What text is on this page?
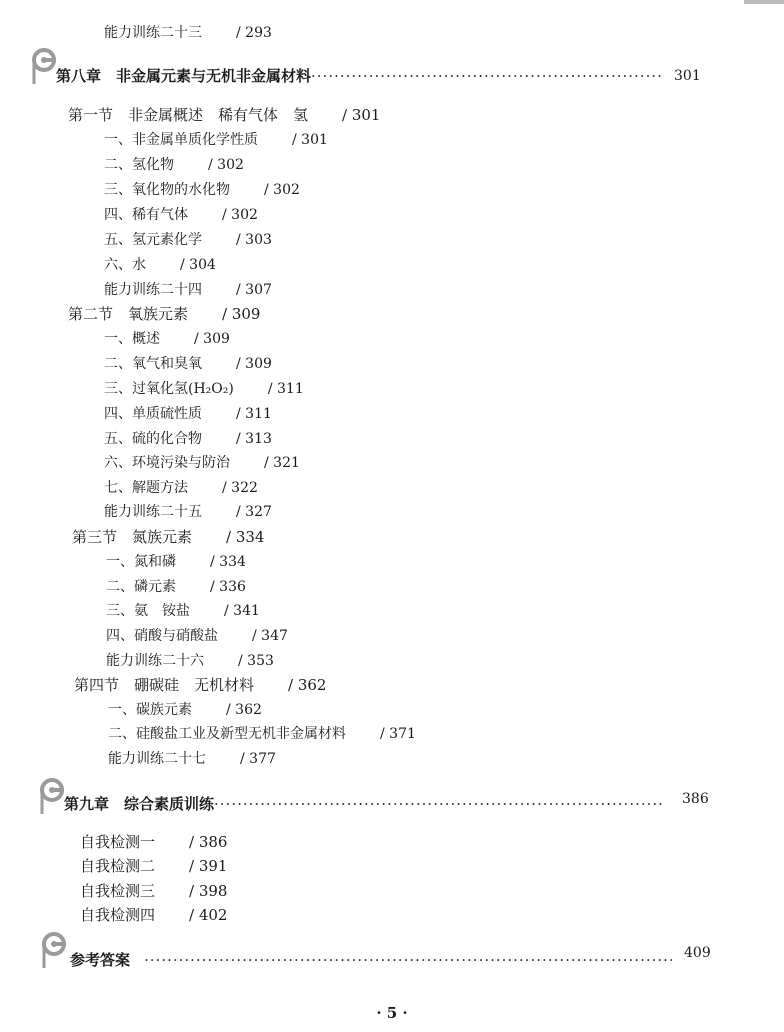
能力训练二十三 / 293
第八章　非金属元素与无机非金属材料····························································· 301
第一节　非金属概述　稀有气体　氢 / 301
一、非金属单质化学性质 / 301
二、氢化物 / 302
三、氧化物的水化物 / 302
四、稀有气体 / 302
五、氢元素化学 / 303
六、水 / 304
能力训练二十四 / 307
第二节　氧族元素 / 309
一、概述 / 309
二、氧气和臭氧 / 309
三、过氧化氢(H₂O₂) / 311
四、单质硫性质 / 311
五、硫的化合物 / 313
六、环境污染与防治 / 321
七、解题方法 / 322
能力训练二十五 / 327
第三节　氮族元素 / 334
一、氮和磷 / 334
二、磷元素 / 336
三、氨　铵盐 / 341
四、硝酸与硝酸盐 / 347
能力训练二十六 / 353
第四节　硼碳硅　无机材料 / 362
一、碳族元素 / 362
二、硅酸盐工业及新型无机非金属材料 / 371
能力训练二十七 / 377
第九章　综合素质训练·············································································· 386
自我检测一 / 386
自我检测二 / 391
自我检测三 / 398
自我检测四 / 402
参考答案 ···························································································· 409
· 5 ·
